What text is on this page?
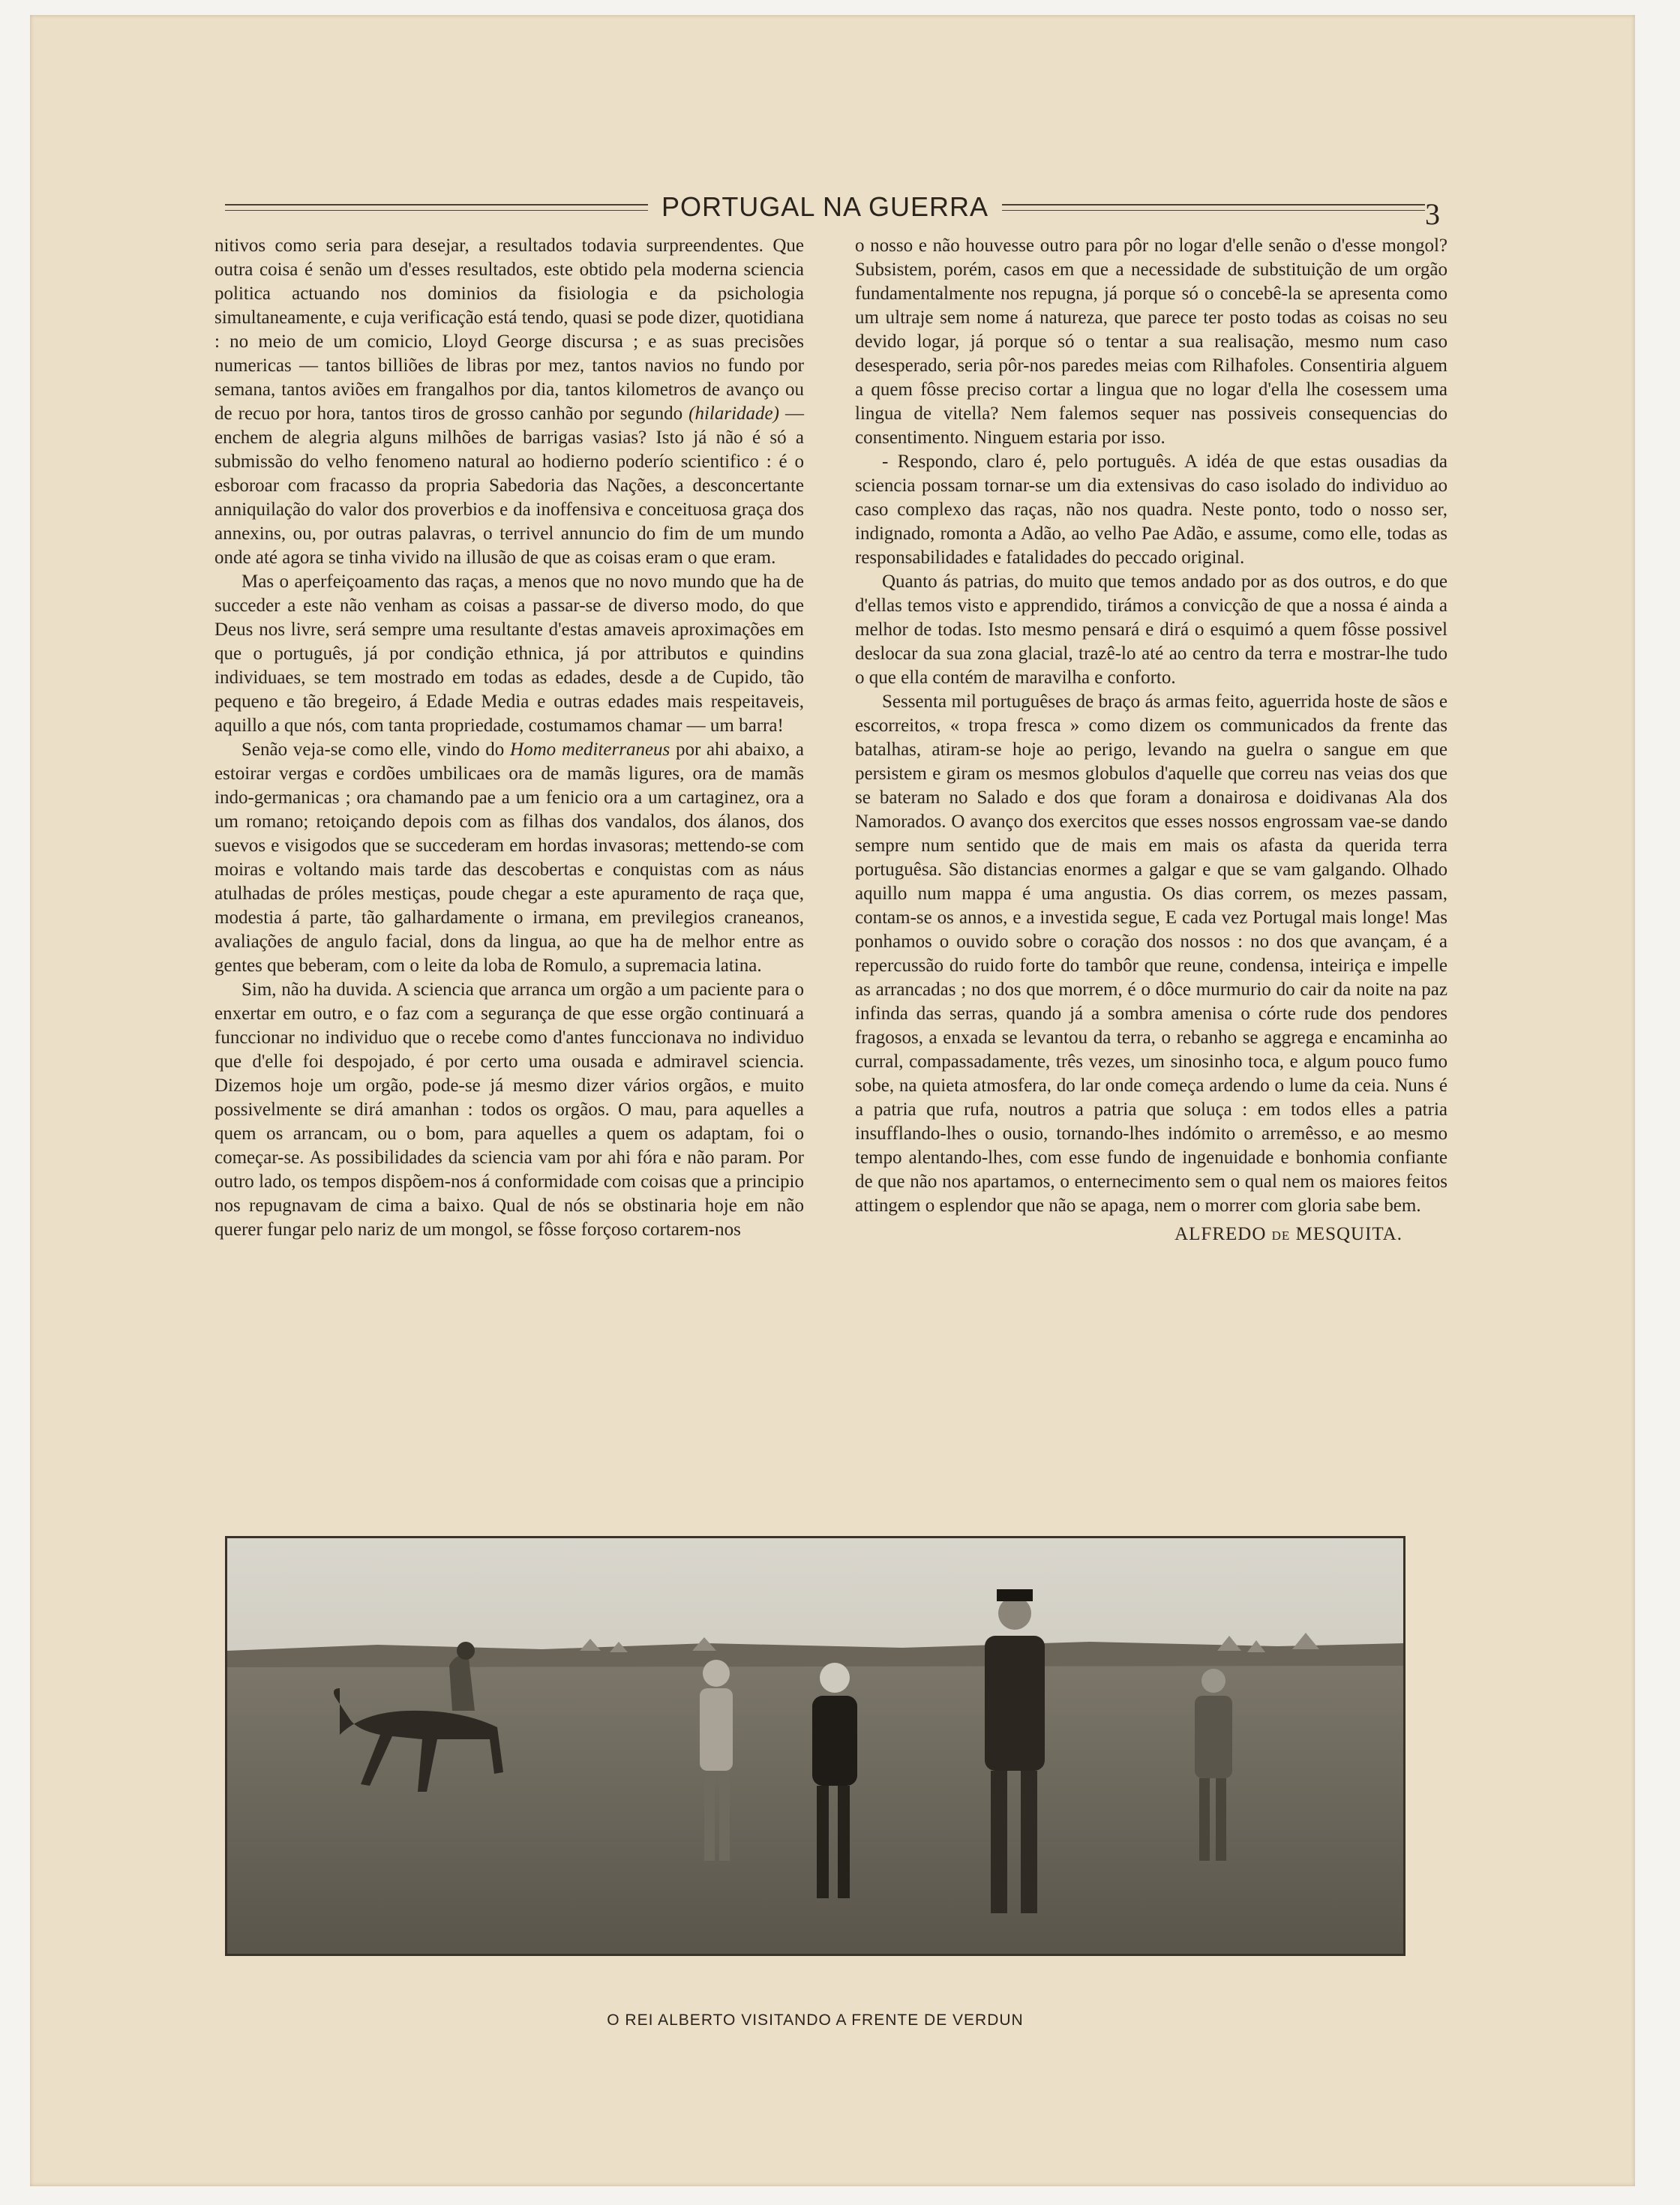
PORTUGAL NA GUERRA	3

nitivos como seria para desejar, a resultados todavia surpreendentes. Que outra coisa é senão um d'esses resultados, este obtido pela moderna sciencia politica actuando nos dominios da fisiologia e da psichologia simultaneamente, e cuja verificação está tendo, quasi se pode dizer, quotidiana : no meio de um comicio, Lloyd George discursa ; e as suas precisões numericas — tantos billiões de libras por mez, tantos navios no fundo por semana, tantos aviões em frangalhos por dia, tantos kilometros de avanço ou de recuo por hora, tantos tiros de grosso canhão por segundo (hilaridade) — enchem de alegria alguns milhões de barrigas vasias? Isto já não é só a submissão do velho fenomeno natural ao hodierno poderío scientifico : é o esboroar com fracasso da propria Sabedoria das Nações, a desconcertante anniquilação do valor dos proverbios e da inoffensiva e conceituosa graça dos annexins, ou, por outras palavras, o terrivel annuncio do fim de um mundo onde até agora se tinha vivido na illusão de que as coisas eram o que eram.

Mas o aperfeiçoamento das raças, a menos que no novo mundo que ha de succeder a este não venham as coisas a passar-se de diverso modo, do que Deus nos livre, será sempre uma resultante d'estas amaveis aproximações em que o português, já por condição ethnica, já por attributos e quindins individuaes, se tem mostrado em todas as edades, desde a de Cupido, tão pequeno e tão bregeiro, á Edade Media e outras edades mais respeitaveis, aquillo a que nós, com tanta propriedade, costumamos chamar — um barra!

Senão veja-se como elle, vindo do Homo mediterraneus por ahi abaixo, a estoirar vergas e cordões umbilicaes ora de mamãs ligures, ora de mamãs indo-germanicas ; ora chamando pae a um fenicio ora a um cartaginez, ora a um romano; retoiçando depois com as filhas dos vandalos, dos álanos, dos suevos e visigodos que se succederam em hordas invasoras; mettendo-se com moiras e voltando mais tarde das descobertas e conquistas com as náus atulhadas de próles mestiças, poude chegar a este apuramento de raça que, modestia á parte, tão galhardamente o irmana, em previlegios craneanos, avaliações de angulo facial, dons da lingua, ao que ha de melhor entre as gentes que beberam, com o leite da loba de Romulo, a supremacia latina.

Sim, não ha duvida. A sciencia que arranca um orgão a um paciente para o enxertar em outro, e o faz com a segurança de que esse orgão continuará a funccionar no individuo que o recebe como d'antes funccionava no individuo que d'elle foi despojado, é por certo uma ousada e admiravel sciencia. Dizemos hoje um orgão, pode-se já mesmo dizer vários orgãos, e muito possivelmente se dirá amanhan : todos os orgãos. O mau, para aquelles a quem os arrancam, ou o bom, para aquelles a quem os adaptam, foi o começar-se. As possibilidades da sciencia vam por ahi fóra e não param. Por outro lado, os tempos dispõem-nos á conformidade com coisas que a principio nos repugnavam de cima a baixo. Qual de nós se obstinaria hoje em não querer fungar pelo nariz de um mongol, se fôsse forçoso cortarem-nos

o nosso e não houvesse outro para pôr no logar d'elle senão o d'esse mongol? Subsistem, porém, casos em que a necessidade de substituição de um orgão fundamentalmente nos repugna, já porque só o concebê-la se apresenta como um ultraje sem nome á natureza, que parece ter posto todas as coisas no seu devido logar, já porque só o tentar a sua realisação, mesmo num caso desesperado, seria pôr-nos paredes meias com Rilhafoles. Consentiria alguem a quem fôsse preciso cortar a lingua que no logar d'ella lhe cosessem uma lingua de vitella? Nem falemos sequer nas possiveis consequencias do consentimento. Ninguem estaria por isso.

- Respondo, claro é, pelo português. A idéa de que estas ousadias da sciencia possam tornar-se um dia extensivas do caso isolado do individuo ao caso complexo das raças, não nos quadra. Neste ponto, todo o nosso ser, indignado, romonta a Adão, ao velho Pae Adão, e assume, como elle, todas as responsabilidades e fatalidades do peccado original.

Quanto ás patrias, do muito que temos andado por as dos outros, e do que d'ellas temos visto e apprendido, tirámos a convicção de que a nossa é ainda a melhor de todas. Isto mesmo pensará e dirá o esquimó a quem fôsse possivel deslocar da sua zona glacial, trazê-lo até ao centro da terra e mostrar-lhe tudo o que ella contém de maravilha e conforto.

Sessenta mil portuguêses de braço ás armas feito, aguerrida hoste de sãos e escorreitos, « tropa fresca » como dizem os communicados da frente das batalhas, atiram-se hoje ao perigo, levando na guelra o sangue em que persistem e giram os mesmos globulos d'aquelle que correu nas veias dos que se bateram no Salado e dos que foram a donairosa e doidivanas Ala dos Namorados. O avanço dos exercitos que esses nossos engrossam vae-se dando sempre num sentido que de mais em mais os afasta da querida terra portuguêsa. São distancias enormes a galgar e que se vam galgando. Olhado aquillo num mappa é uma angustia. Os dias correm, os mezes passam, contam-se os annos, e a investida segue, E cada vez Portugal mais longe! Mas ponhamos o ouvido sobre o coração dos nossos : no dos que avançam, é a repercussão do ruido forte do tambôr que reune, condensa, inteiriça e impelle as arrancadas ; no dos que morrem, é o dôce murmurio do cair da noite na paz infinda das serras, quando já a sombra amenisa o córte rude dos pendores fragosos, a enxada se levantou da terra, o rebanho se aggrega e encaminha ao curral, compassadamente, três vezes, um sinosinho toca, e algum pouco fumo sobe, na quieta atmosfera, do lar onde começa ardendo o lume da ceia. Nuns é a patria que rufa, noutros a patria que soluça : em todos elles a patria insufflando-lhes o ousio, tornando-lhes indómito o arremêsso, e ao mesmo tempo alentando-lhes, com esse fundo de ingenuidade e bonhomia confiante de que não nos apartamos, o enternecimento sem o qual nem os maiores feitos attingem o esplendor que não se apaga, nem o morrer com gloria sabe bem.

ALFREDO DE MESQUITA.
O REI ALBERTO VISITANDO A FRENTE DE VERDUN
